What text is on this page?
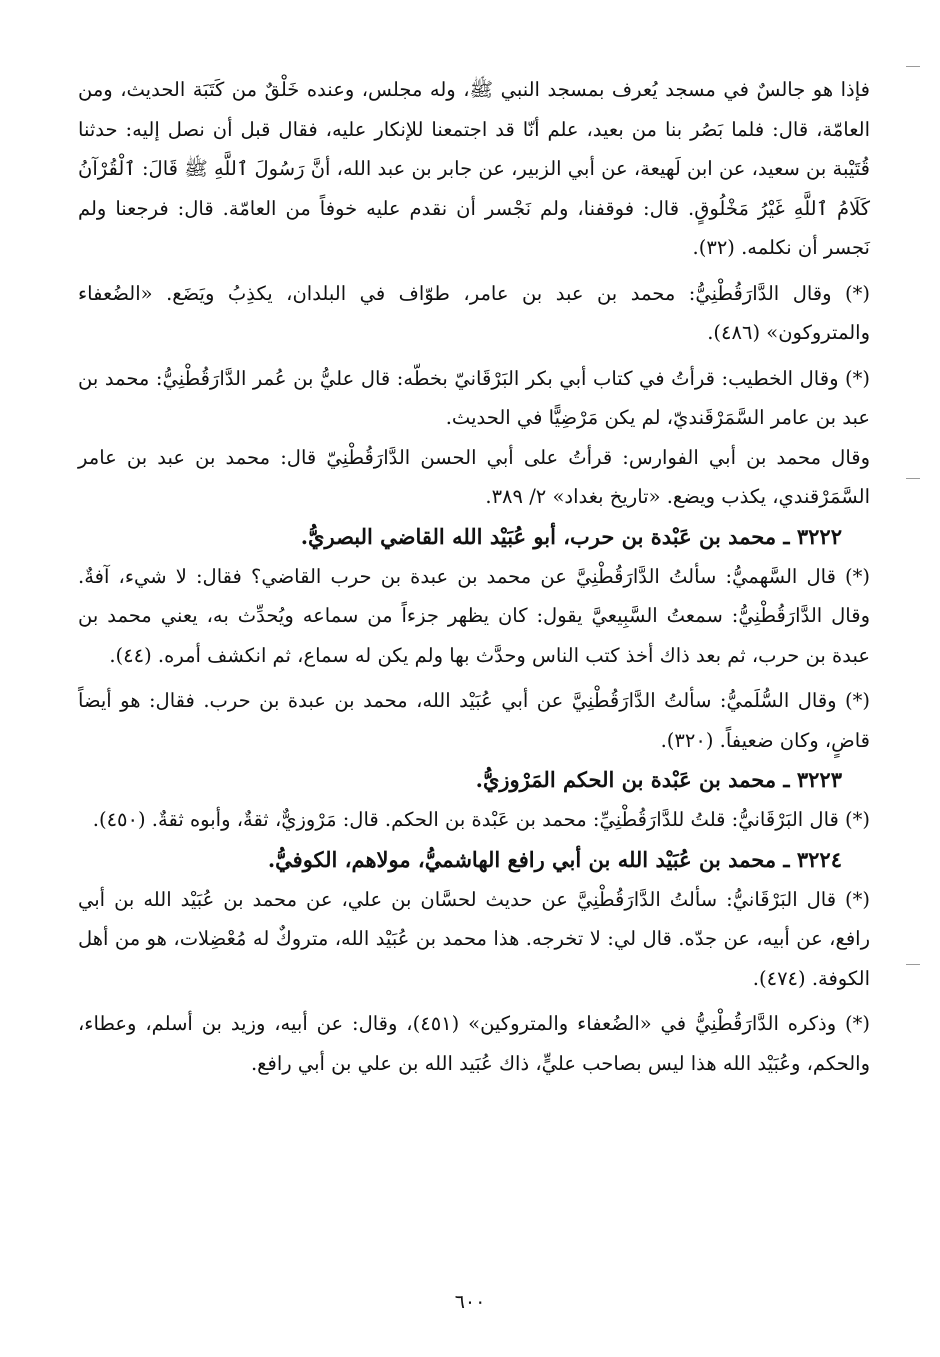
فإذا هو جالسٌ في مسجد يُعرف بمسجد النبي ﷺ، وله مجلس، وعنده خَلْقٌ من كَتَبَة الحديث، ومن العامّة، قال: فلما بَصُر بنا من بعيد، علم أنّا قد اجتمعنا للإنكار عليه، فقال قبل أن نصل إليه: حدثنا قُتَيْبة بن سعيد، عن ابن لَهيعة، عن أبي الزبير، عن جابر بن عبد الله، أنَّ رَسُولَ ٱللَّهِ ﷺ قَالَ: ٱلْقُرْآنُ كَلَامُ ٱللَّهِ غَيْرُ مَخْلُوقٍ. قال: فوقفنا، ولم نَجْسر أن نقدم عليه خوفاً من العامّة. قال: فرجعنا ولم نَجسر أن نكلمه. (٣٢).

(*) وقال الدَّارَقُطْنِيُّ: محمد بن عبد بن عامر، طوّاف في البلدان، يكذِبُ ويَضَع. «الضُعفاء والمتروكون» (٤٨٦).

(*) وقال الخطيب: قرأتُ في كتاب أبي بكر البَرْقَانيّ بخطّه: قال عليُّ بن عُمر الدَّارَقُطْنِيُّ: محمد بن عبد بن عامر السَّمَرْقَنديّ، لم يكن مَرْضِيًّا في الحديث.

وقال محمد بن أبي الفوارس: قرأتُ على أبي الحسن الدَّارَقُطْنِيّ قال: محمد بن عبد بن عامر السَّمَرْقندي، يكذب ويضع. «تاريخ بغداد» ٢/ ٣٨٩.

٣٢٢٢ ـ محمد بن عَبْدة بن حرب، أبو عُبَيْد الله القاضي البصريُّ.

(*) قال السَّهميُّ: سألتُ الدَّارَقُطْنِيَّ عن محمد بن عبدة بن حرب القاضي؟ فقال: لا شيء، آفةٌ. وقال الدَّارَقُطْنِيُّ: سمعتُ السَّبِيعيَّ يقول: كان يظهر جزءاً من سماعه ويُحدِّث به، يعني محمد بن عبدة بن حرب، ثم بعد ذاك أخذ كتب الناس وحدَّث بها ولم يكن له سماع، ثم انكشف أمره. (٤٤).

(*) وقال السُّلَميُّ: سألتُ الدَّارَقُطْنِيَّ عن أبي عُبَيْد الله، محمد بن عبدة بن حرب. فقال: هو أيضاً قاضٍ، وكان ضعيفاً. (٣٢٠).

٣٢٢٣ ـ محمد بن عَبْدة بن الحكم المَرْوزيُّ.

(*) قال البَرْقَانيُّ: قلتُ للدَّارَقُطْنِيِّ: محمد بن عَبْدة بن الحكم. قال: مَرْوزيٌّ، ثقةٌ، وأبوه ثقةٌ. (٤٥٠).

٣٢٢٤ ـ محمد بن عُبَيْد الله بن أبي رافع الهاشميُّ، مولاهم، الكوفيُّ.

(*) قال البَرْقَانيُّ: سألتُ الدَّارَقُطْنِيَّ عن حديث لحسَّان بن علي، عن محمد بن عُبَيْد الله بن أبي رافع، عن أبيه، عن جدّه. قال لي: لا تخرجه. هذا محمد بن عُبَيْد الله، متروكٌ له مُعْضِلات، هو من أهل الكوفة. (٤٧٤).

(*) وذكره الدَّارَقُطْنِيُّ في «الضُعفاء والمتروكين» (٤٥١)، وقال: عن أبيه، وزيد بن أسلم، وعطاء، والحكم، وعُبَيْد الله هذا ليس بصاحب عليٍّ، ذاك عُبَيد الله بن علي بن أبي رافع.

٦٠٠
